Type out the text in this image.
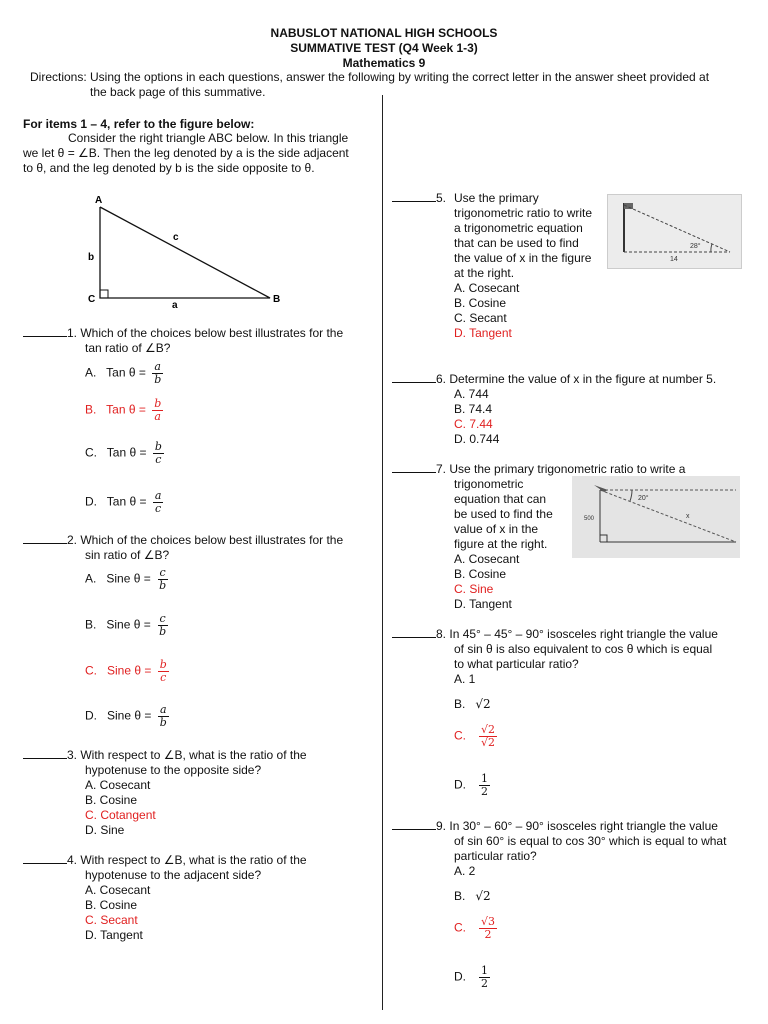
NABUSLOT NATIONAL HIGH SCHOOLS
SUMMATIVE TEST (Q4 Week 1-3)
Mathematics 9
Directions: Using the options in each questions, answer the following by writing the correct letter in the answer sheet provided at
the back page of this summative.
For items 1 – 4, refer to the figure below:
Consider the right triangle ABC below. In this triangle
we let θ = ∠B. Then the leg denoted by a is the side adjacent
to θ, and the leg denoted by b is the side opposite to θ.
A
B
C
a
b
c
1. Which of the choices below best illustrates for the
tan ratio of ∠B?
A. Tan $\theta = \frac{a}{b}$
B. Tan $\theta = \frac{b}{a}$
C. Tan $\theta = \frac{b}{c}$
D. Tan $\theta = \frac{a}{c}$
2. Which of the choices below best illustrates for the
sin ratio of ∠B?
A. Sine $\theta = \frac{c}{b}$
B. Sine $\theta = \frac{c}{b}$
C. Sine $\theta = \frac{b}{c}$
D. Sine $\theta = \frac{a}{b}$
3. With respect to ∠B, what is the ratio of the
hypotenuse to the opposite side?
A. Cosecant
B. Cosine
C. Cotangent
D. Sine
4. With respect to ∠B, what is the ratio of the
hypotenuse to the adjacent side?
A. Cosecant
B. Cosine
C. Secant
D. Tangent
5. Use the primary
trigonometric ratio to write
a trigonometric equation
that can be used to find
the value of x in the figure
at the right.
28°
14
A. Cosecant
B. Cosine
C. Secant
D. Tangent
6. Determine the value of x in the figure at number 5.
A. 744
B. 74.4
C. 7.44
D. 0.744
7. Use the primary trigonometric ratio to write a
trigonometric
equation that can
be used to find the
value of x in the
figure at the right.
20°
500	x
A. Cosecant
B. Cosine
C. Sine
D. Tangent
8. In 45° – 45° – 90° isosceles right triangle the value
of sin θ is also equivalent to cos θ which is equal
to what particular ratio?
A. 1
B. √2
C. $\frac{√2}{√2}$
D. $\frac{1}{2}$
9. In 30° – 60° – 90° isosceles right triangle the value
of sin 60° is equal to cos 30° which is equal to what
particular ratio?
A. 2
B. √2
C. $\frac{√3}{2}$
D. $\frac{1}{2}$
